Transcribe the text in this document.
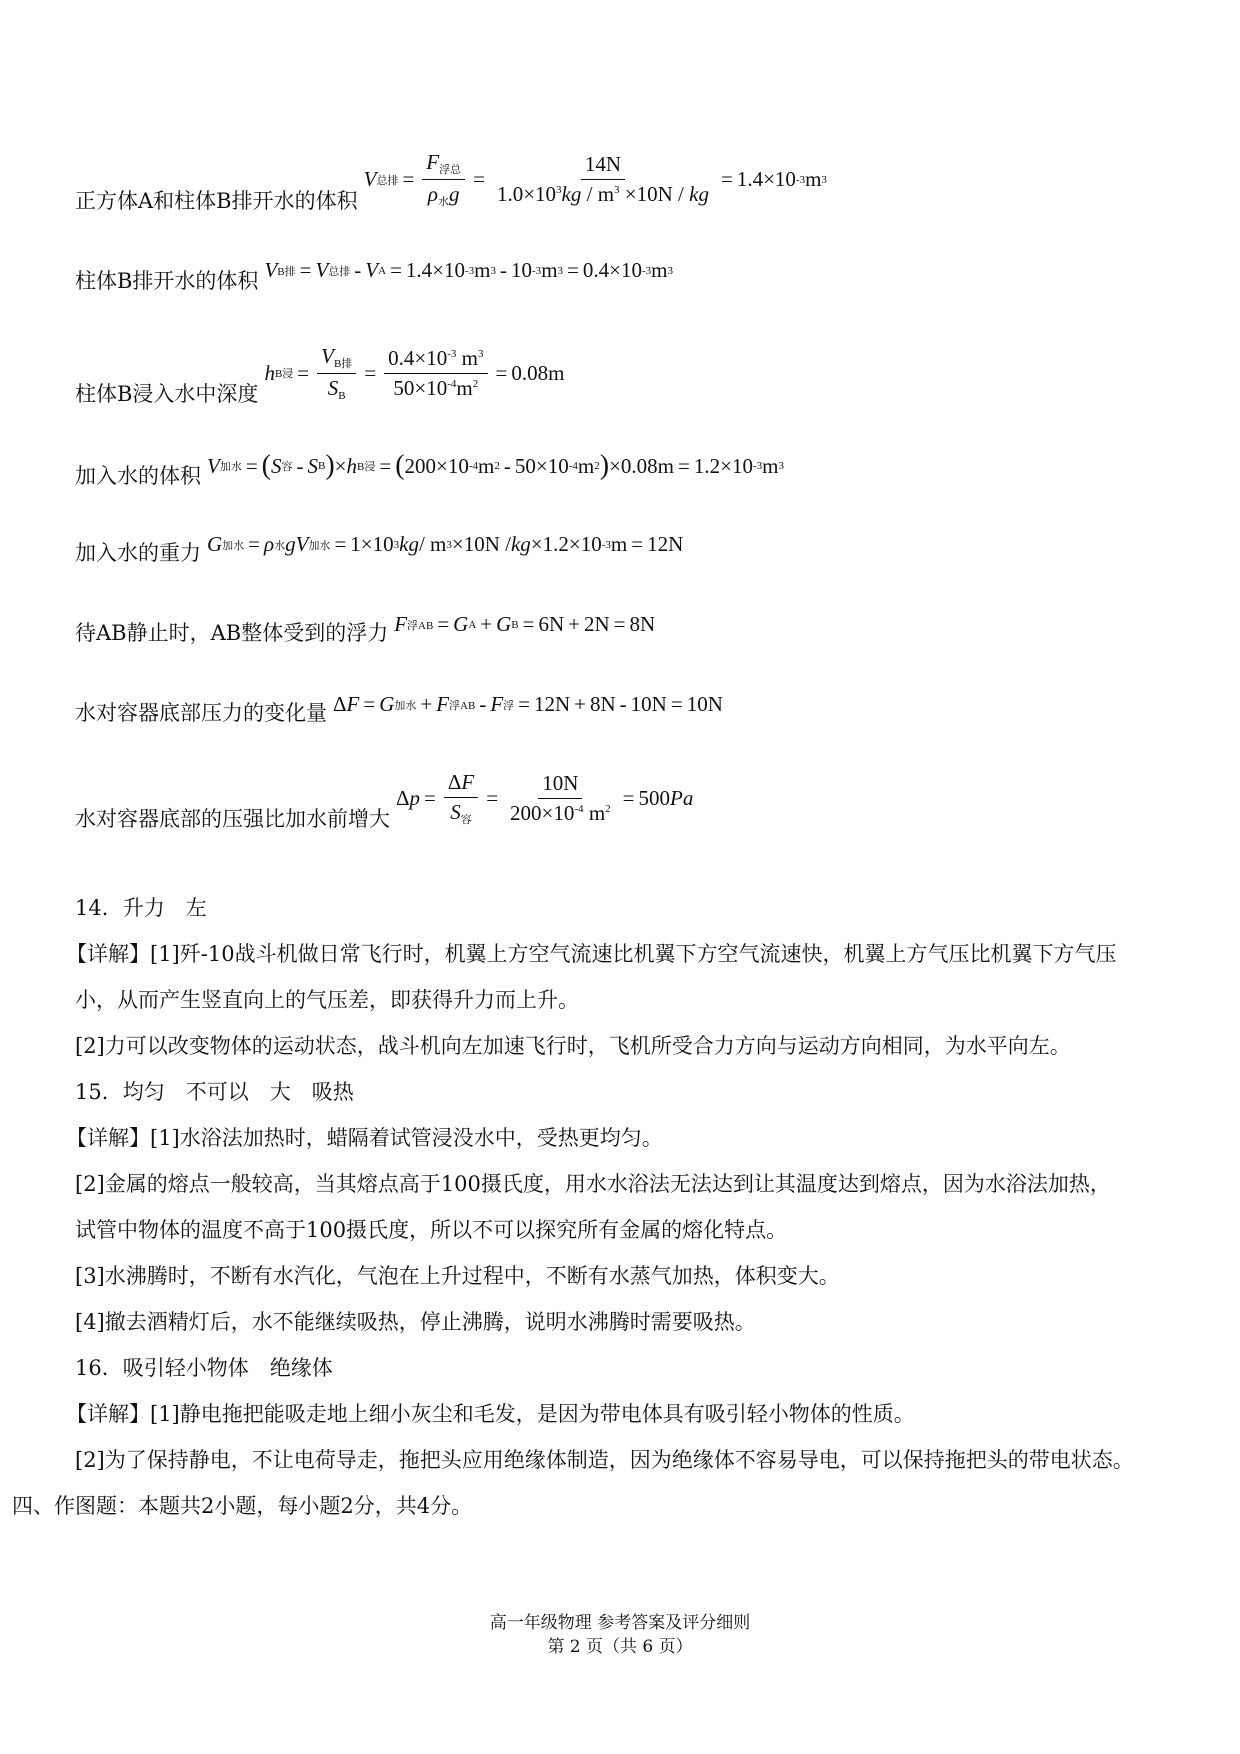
正方体A和柱体B排开水的体积
V 总排 = $\frac{F_{浮总}}{\rho_水g} = \frac{14N}{1.0\times 10^3kg / m^3 \times 10N / kg} = 1.4\times 10$ -3 m 3
柱体B排开水的体积 V B排 = V 总排 - V A = 1.4×10 -3 m 3 - 10 -3 m 3 = 0.4×10 -3 m 3
柱体B浸入水中深度
h B浸 = $\frac{V_{B排}}{S_B} = \frac{0.4\times 10^{-3} m^3}{50\times 10^{-4}m^2} = 0.08m$
加入水的体积 V 加水 = ( S 容 - S B ) × h B浸 = ( 200×10 -4 m 2 - 50×10 -4 m 2 ) ×0.08m = 1.2×10 -3 m 3
加入水的重力 G 加水 = ρ 水 gV 加水 = 1×10 3 kg / m 3 ×10N / kg ×1.2×10 -3 m = 12N
待AB静止时，AB整体受到的浮力 F 浮AB = G A + G B = 6N + 2N = 8N
水对容器底部压力的变化量 Δ F = G 加水 + F 浮AB - F 浮 = 12N + 8N - 10N = 10N
水对容器底部的压强比加水前增大
Δ $p = \frac{\Delta F}{S_容} = \frac{10N}{200\times 10^{-4} m^2} = 500$ Pa
14．升力　左
【详解】[1]歼-10战斗机做日常飞行时，机翼上方空气流速比机翼下方空气流速快，机翼上方气压比机翼下方气压
小，从而产生竖直向上的气压差，即获得升力而上升。
[2]力可以改变物体的运动状态，战斗机向左加速飞行时，飞机所受合力方向与运动方向相同，为水平向左。
15．均匀　不可以　大　吸热
【详解】[1]水浴法加热时，蜡隔着试管浸没水中，受热更均匀。
[2]金属的熔点一般较高，当其熔点高于100摄氏度，用水水浴法无法达到让其温度达到熔点，因为水浴法加热，
试管中物体的温度不高于100摄氏度，所以不可以探究所有金属的熔化特点。
[3]水沸腾时，不断有水汽化，气泡在上升过程中，不断有水蒸气加热，体积变大。
[4]撤去酒精灯后，水不能继续吸热，停止沸腾，说明水沸腾时需要吸热。
16．吸引轻小物体　绝缘体
【详解】[1]静电拖把能吸走地上细小灰尘和毛发，是因为带电体具有吸引轻小物体的性质。
[2]为了保持静电，不让电荷导走，拖把头应用绝缘体制造，因为绝缘体不容易导电，可以保持拖把头的带电状态。
四、作图题：本题共2小题，每小题2分，共4分。
高一年级物理 参考答案及评分细则
第 2 页（共 6 页）
